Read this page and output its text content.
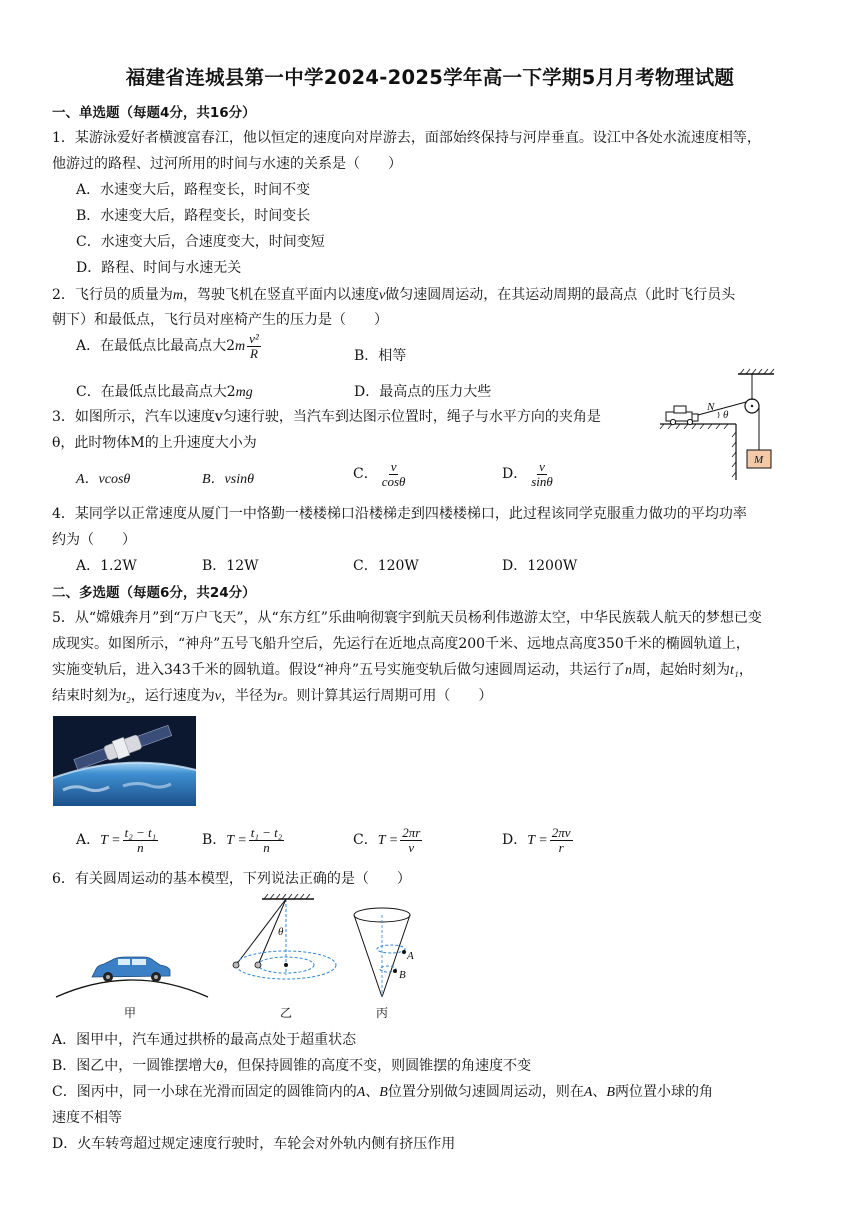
福建省连城县第一中学2024-2025学年高一下学期5月月考物理试题
一、单选题（每题4分，共16分）
1．某游泳爱好者横渡富春江，他以恒定的速度向对岸游去，面部始终保持与河岸垂直。设江中各处水流速度相等，
他游过的路程、过河所用的时间与水速的关系是（　　）
A．水速变大后，路程变长，时间不变
B．水速变大后，路程变长，时间变长
C．水速变大后，合速度变大，时间变短
D．路程、时间与水速无关
2．飞行员的质量为m，驾驶飞机在竖直平面内以速度v做匀速圆周运动，在其运动周期的最高点（此时飞行员头
朝下）和最低点，飞行员对座椅产生的压力是（　　）
A．在最低点比最高点大$2m \frac{\text{v²}}{R}$	B．相等
C．在最低点比最高点大2mg	D．最高点的压力大些
3．如图所示，汽车以速度v匀速行驶，当汽车到达图示位置时，绳子与水平方向的夹角是
θ，此时物体M的上升速度大小为
A．vcosθ	B．vsinθ	C． $\frac{v}{\cos\theta}$	D． $\frac{v}{\sin\theta}$	M
N
θ
4．某同学以正常速度从厦门一中恪勤一楼楼梯口沿楼梯走到四楼楼梯口，此过程该同学克服重力做功的平均功率
约为（　　）
A．1.2W	B．12W	C．120W	D．1200W
二、多选题（每题6分，共24分）
5．从“嫦娥奔月”到“万户飞天”，从“东方红”乐曲响彻寰宇到航天员杨利伟遨游太空，中华民族载人航天的梦想已变
成现实。如图所示，“神舟”五号飞船升空后，先运行在近地点高度200千米、远地点高度350千米的椭圆轨道上，
实施变轨后，进入343千米的圆轨道。假设“神舟”五号实施变轨后做匀速圆周运动，共运行了n周，起始时刻为t₁，
结束时刻为t₂，运行速度为v，半径为r。则计算其运行周期可用（　　）
A．$T = \frac{\text{t₂ − t₁}}{n}$	B．$T = \frac{\text{t₁ − t₂}}{n}$	C．$T = \frac{2\pi r}{v}$	D．$T = \frac{2\pi v}{r}$
6．有关圆周运动的基本模型，下列说法正确的是（　　）
甲
θ
乙
A
B
丙
A．图甲中，汽车通过拱桥的最高点处于超重状态
B．图乙中，一圆锥摆增大θ，但保持圆锥的高度不变，则圆锥摆的角速度不变
C．图丙中，同一小球在光滑而固定的圆锥筒内的A、B位置分别做匀速圆周运动，则在A、B两位置小球的角
速度不相等
D．火车转弯超过规定速度行驶时，车轮会对外轨内侧有挤压作用
